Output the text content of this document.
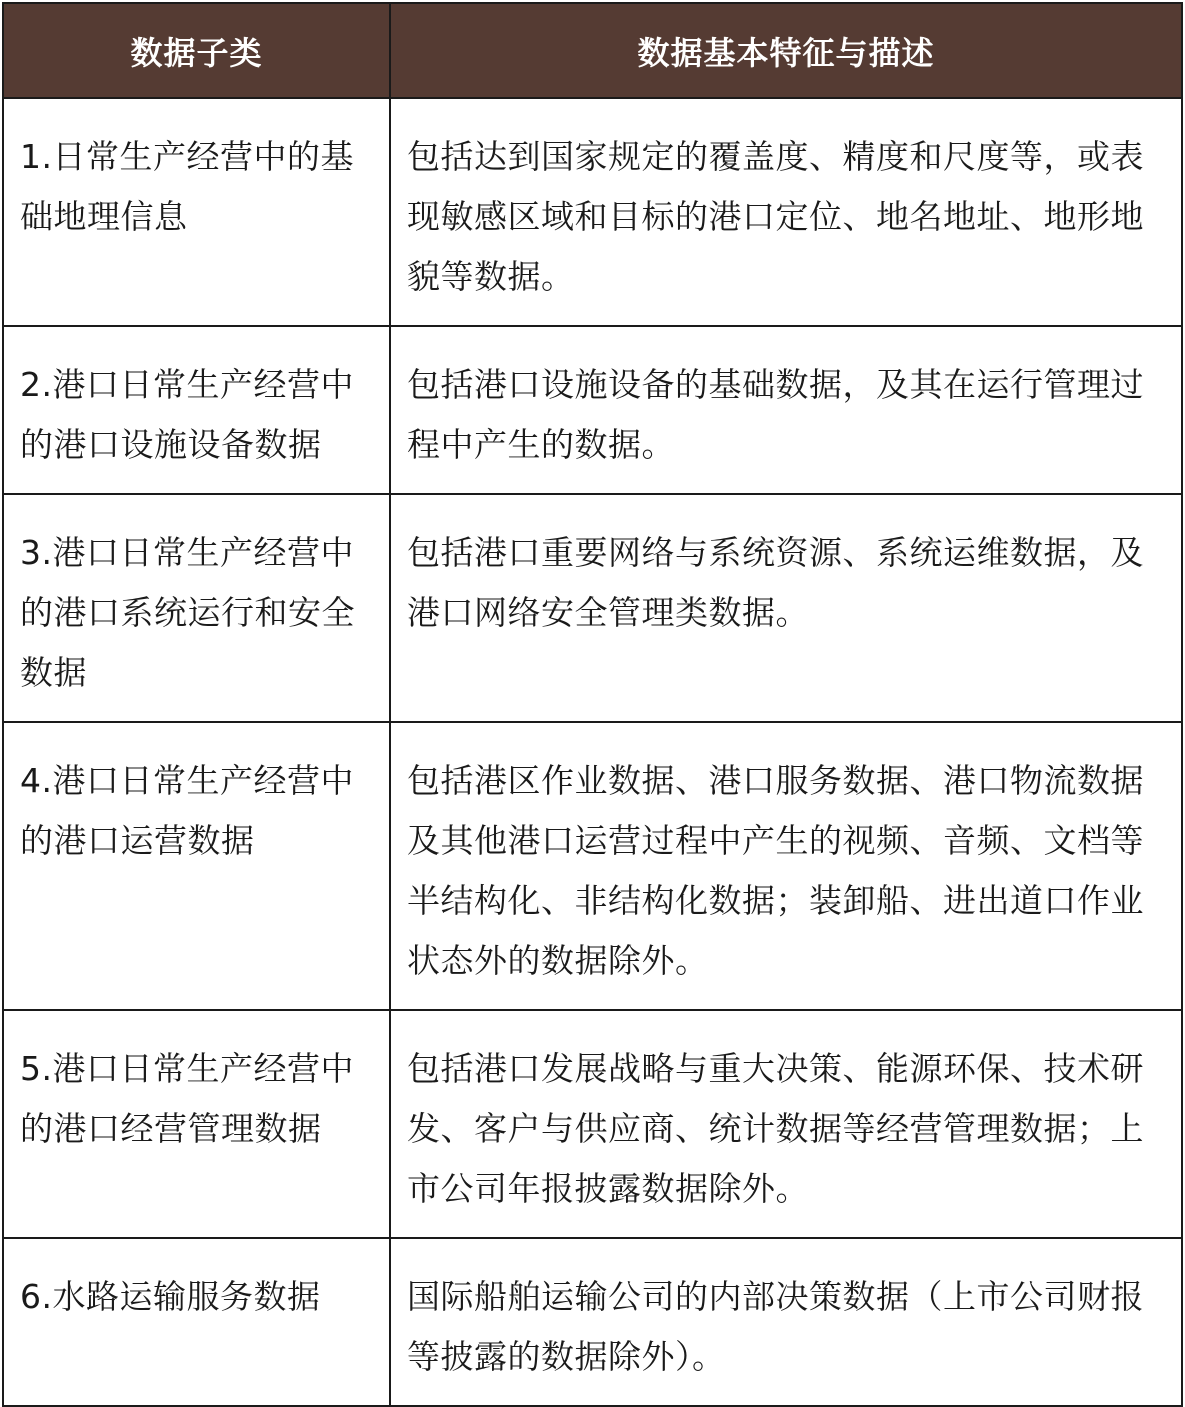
数据子类	数据基本特征与描述
1.日常生产经营中的基础地理信息	包括达到国家规定的覆盖度、精度和尺度等，或表现敏感区域和目标的港口定位、地名地址、地形地貌等数据。
2.港口日常生产经营中的港口设施设备数据	包括港口设施设备的基础数据，及其在运行管理过程中产生的数据。
3.港口日常生产经营中的港口系统运行和安全数据	包括港口重要网络与系统资源、系统运维数据，及港口网络安全管理类数据。
4.港口日常生产经营中的港口运营数据	包括港区作业数据、港口服务数据、港口物流数据及其他港口运营过程中产生的视频、音频、文档等半结构化、非结构化数据；装卸船、进出道口作业状态外的数据除外。
5.港口日常生产经营中的港口经营管理数据	包括港口发展战略与重大决策、能源环保、技术研发、客户与供应商、统计数据等经营管理数据；上市公司年报披露数据除外。
6.水路运输服务数据	国际船舶运输公司的内部决策数据（上市公司财报等披露的数据除外）。
